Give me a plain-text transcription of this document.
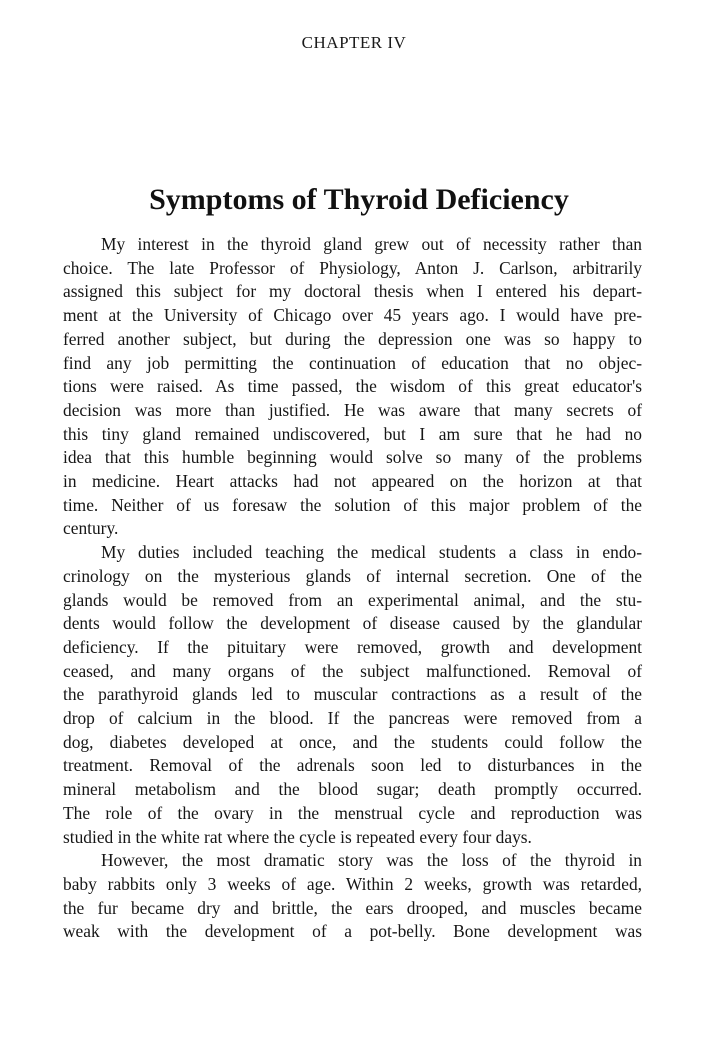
CHAPTER IV
Symptoms of Thyroid Deficiency
My interest in the thyroid gland grew out of necessity rather than
choice. The late Professor of Physiology, Anton J. Carlson, arbitrarily
assigned this subject for my doctoral thesis when I entered his depart-
ment at the University of Chicago over 45 years ago. I would have pre-
ferred another subject, but during the depression one was so happy to
find any job permitting the continuation of education that no objec-
tions were raised. As time passed, the wisdom of this great educator's
decision was more than justified. He was aware that many secrets of
this tiny gland remained undiscovered, but I am sure that he had no
idea that this humble beginning would solve so many of the problems
in medicine. Heart attacks had not appeared on the horizon at that
time. Neither of us foresaw the solution of this major problem of the
century.
My duties included teaching the medical students a class in endo-
crinology on the mysterious glands of internal secretion. One of the
glands would be removed from an experimental animal, and the stu-
dents would follow the development of disease caused by the glandular
deficiency. If the pituitary were removed, growth and development
ceased, and many organs of the subject malfunctioned. Removal of
the parathyroid glands led to muscular contractions as a result of the
drop of calcium in the blood. If the pancreas were removed from a
dog, diabetes developed at once, and the students could follow the
treatment. Removal of the adrenals soon led to disturbances in the
mineral metabolism and the blood sugar; death promptly occurred.
The role of the ovary in the menstrual cycle and reproduction was
studied in the white rat where the cycle is repeated every four days.
However, the most dramatic story was the loss of the thyroid in
baby rabbits only 3 weeks of age. Within 2 weeks, growth was retarded,
the fur became dry and brittle, the ears drooped, and muscles became
weak with the development of a pot-belly. Bone development was
